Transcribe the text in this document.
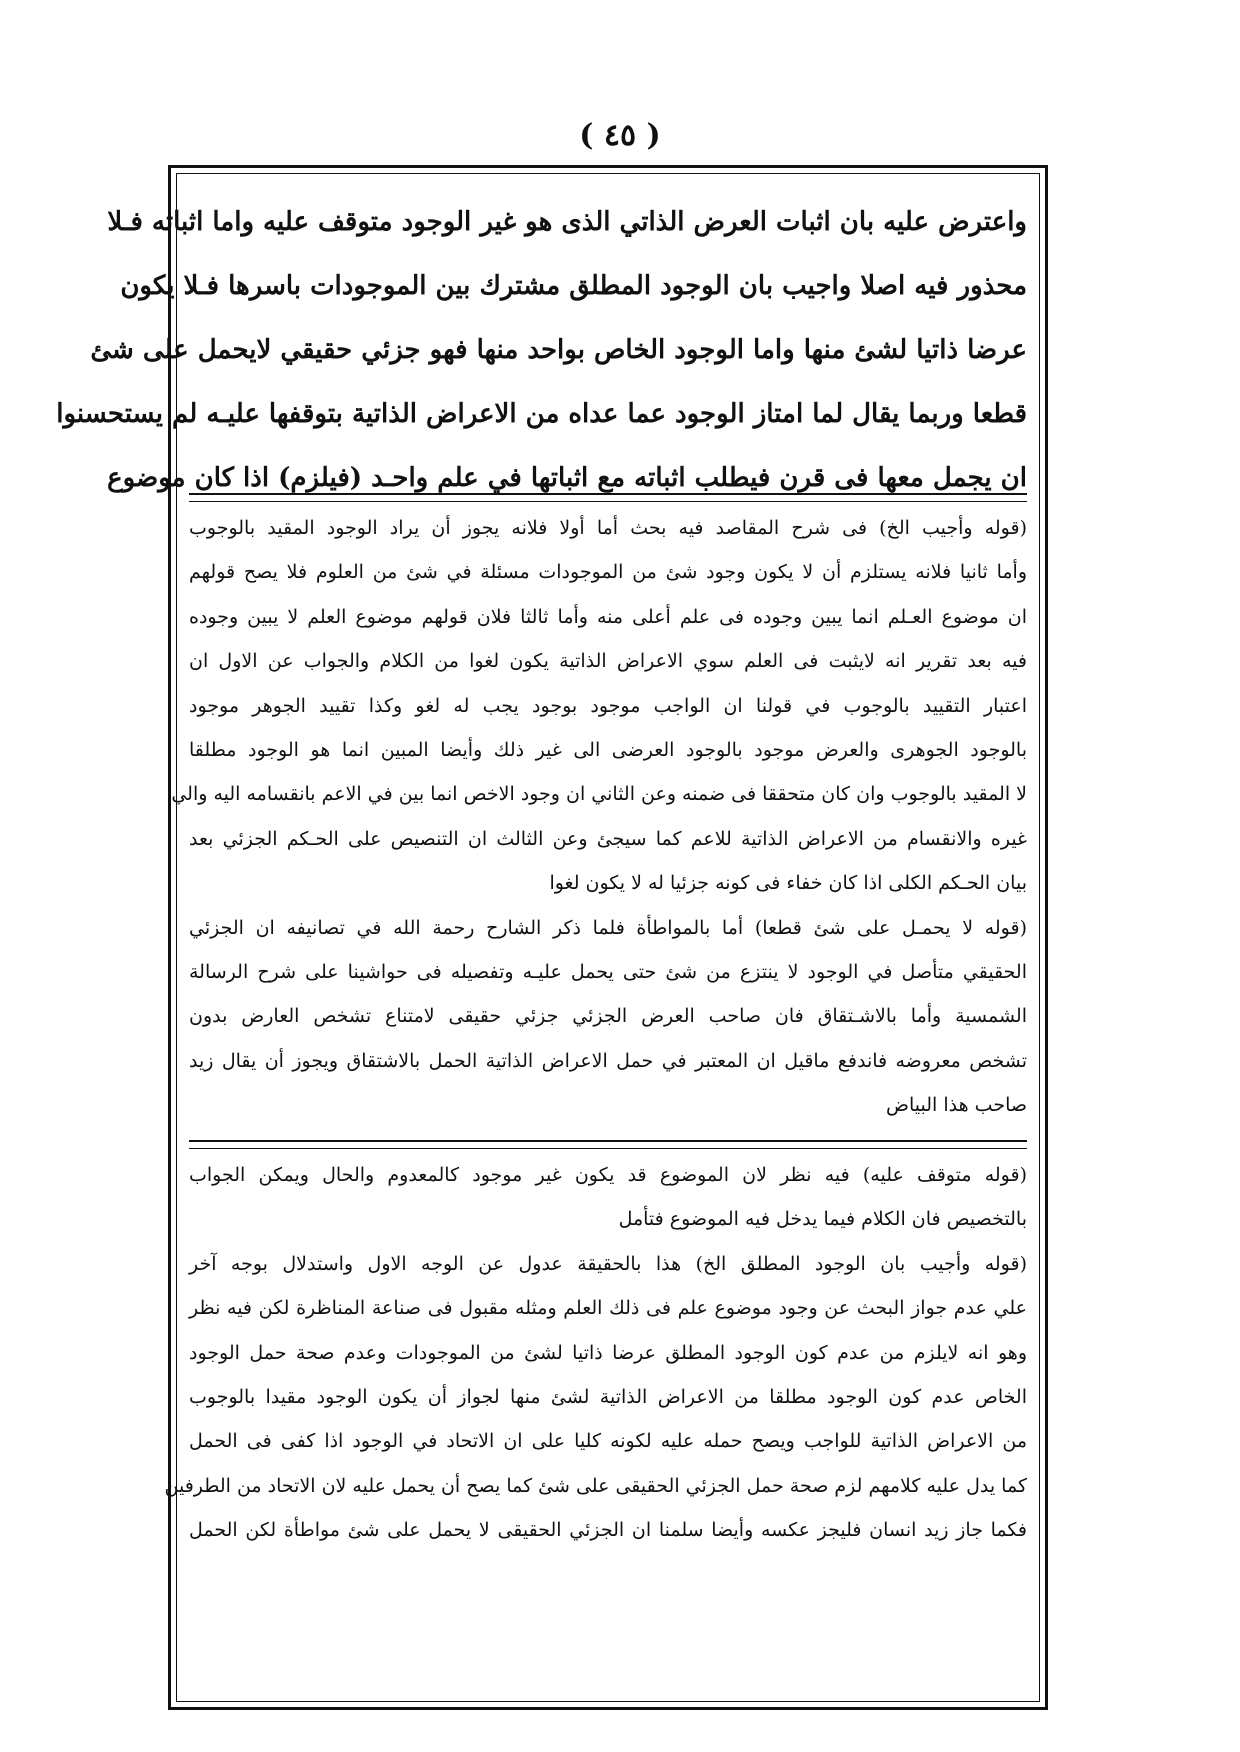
( ٤٥ )

واعترض عليه بان اثبات العرض الذاتي الذى هو غير الوجود متوقف عليه واما اثباته فـلا

محذور فيه اصلا واجيب بان الوجود المطلق مشترك بين الموجودات باسرها فـلا يكون

عرضا ذاتيا لشئ منها واما الوجود الخاص بواحد منها فهو جزئي حقيقي لايحمل على شئ

قطعا وربما يقال لما امتاز الوجود عما عداه من الاعراض الذاتية بتوقفها عليـه لم يستحسنوا

ان يجمل معها فى قرن فيطلب اثباته مع اثباتها في علم واحـد (فيلزم) اذا كان موضوع

(قوله وأجيب الخ) فى شرح المقاصد فيه بحث أما أولا فلانه يجوز أن يراد الوجود المقيد بالوجوب

وأما ثانيا فلانه يستلزم أن لا يكون وجود شئ من الموجودات مسئلة في شئ من العلوم فلا يصح قولهم

ان موضوع العـلم انما يبين وجوده فى علم أعلى منه وأما ثالثا فلان قولهم موضوع العلم لا يبين وجوده

فيه بعد تقرير انه لايثبت فى العلم سوي الاعراض الذاتية يكون لغوا من الكلام والجواب عن الاول ان

اعتبار التقييد بالوجوب في قولنا ان الواجب موجود بوجود يجب له لغو وكذا تقييد الجوهر موجود

بالوجود الجوهرى والعرض موجود بالوجود العرضى الى غير ذلك وأيضا المبين انما هو الوجود مطلقا

لا المقيد بالوجوب وان كان متحققا فى ضمنه وعن الثاني ان وجود الاخص انما بين في الاعم بانقسامه اليه والي

غيره والانقسام من الاعراض الذاتية للاعم كما سيجئ وعن الثالث ان التنصيص على الحـكم الجزئي بعد

بيان الحـكم الكلى اذا كان خفاء فى كونه جزئيا له لا يكون لغوا

(قوله لا يحمـل على شئ قطعا) أما بالمواطأة فلما ذكر الشارح رحمة الله في تصانيفه ان الجزئي

الحقيقي متأصل في الوجود لا ينتزع من شئ حتى يحمل عليـه وتفصيله فى حواشينا على شرح الرسالة

الشمسية وأما بالاشـتقاق فان صاحب العرض الجزئي جزئي حقيقى لامتناع تشخص العارض بدون

تشخص معروضه فاندفع ماقيل ان المعتبر في حمل الاعراض الذاتية الحمل بالاشتقاق ويجوز أن يقال زيد

صاحب هذا البياض

(قوله متوقف عليه) فيه نظر لان الموضوع قد يكون غير موجود كالمعدوم والحال ويمكن الجواب

بالتخصيص فان الكلام فيما يدخل فيه الموضوع فتأمل

(قوله وأجيب بان الوجود المطلق الخ) هذا بالحقيقة عدول عن الوجه الاول واستدلال بوجه آخر

علي عدم جواز البحث عن وجود موضوع علم فى ذلك العلم ومثله مقبول فى صناعة المناظرة لكن فيه نظر

وهو انه لايلزم من عدم كون الوجود المطلق عرضا ذاتيا لشئ من الموجودات وعدم صحة حمل الوجود

الخاص عدم كون الوجود مطلقا من الاعراض الذاتية لشئ منها لجواز أن يكون الوجود مقيدا بالوجوب

من الاعراض الذاتية للواجب ويصح حمله عليه لكونه كليا على ان الاتحاد في الوجود اذا كفى فى الحمل

كما يدل عليه كلامهم لزم صحة حمل الجزئي الحقيقى على شئ كما يصح أن يحمل عليه لان الاتحاد من الطرفين

فكما جاز زيد انسان فليجز عكسه وأيضا سلمنا ان الجزئي الحقيقى لا يحمل على شئ مواطأة لكن الحمل
